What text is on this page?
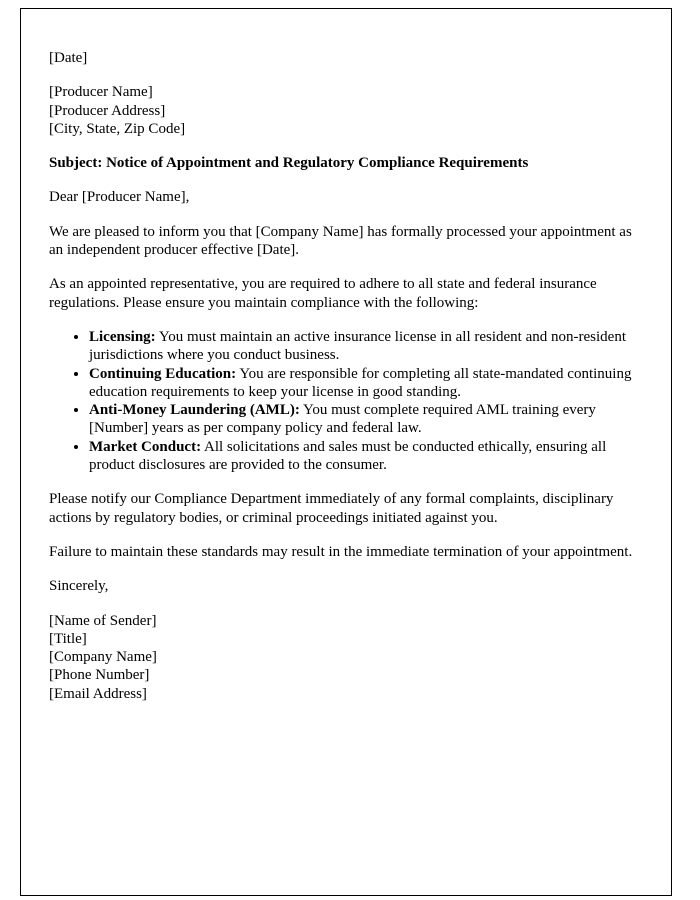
[Date]

[Producer Name]

[Producer Address]

[City, State, Zip Code]

Subject: Notice of Appointment and Regulatory Compliance Requirements

Dear [Producer Name],

We are pleased to inform you that [Company Name] has formally processed your appointment as an independent producer effective [Date].

As an appointed representative, you are required to adhere to all state and federal insurance regulations. Please ensure you maintain compliance with the following:

• Licensing: You must maintain an active insurance license in all resident and non-resident jurisdictions where you conduct business.
• Continuing Education: You are responsible for completing all state-mandated continuing education requirements to keep your license in good standing.
• Anti-Money Laundering (AML): You must complete required AML training every [Number] years as per company policy and federal law.
• Market Conduct: All solicitations and sales must be conducted ethically, ensuring all product disclosures are provided to the consumer.

Please notify our Compliance Department immediately of any formal complaints, disciplinary actions by regulatory bodies, or criminal proceedings initiated against you.

Failure to maintain these standards may result in the immediate termination of your appointment.

Sincerely,

[Name of Sender]

[Title]

[Company Name]

[Phone Number]

[Email Address]
